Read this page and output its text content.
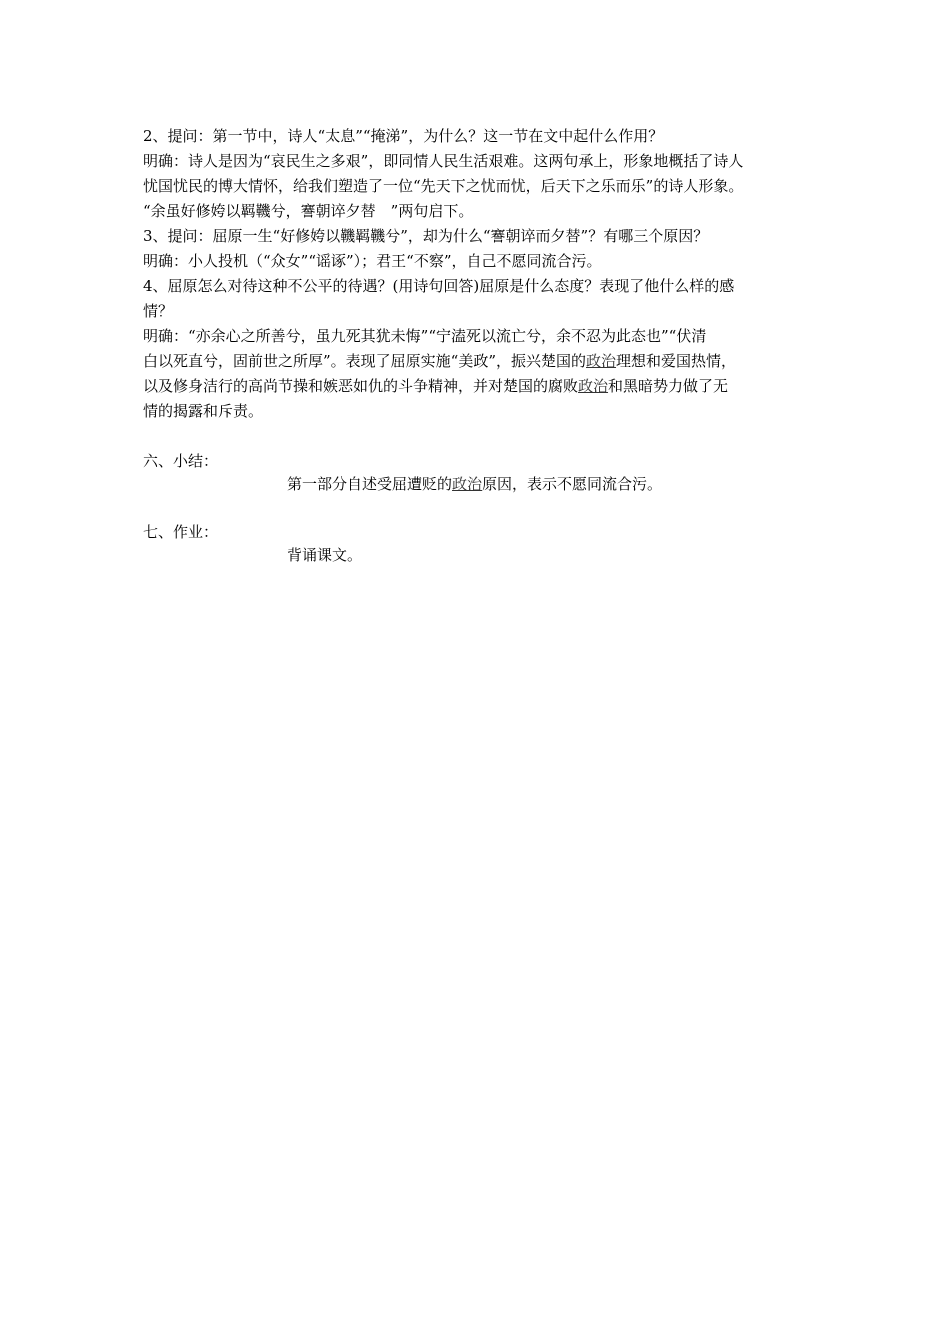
2、提问：第一节中，诗人“太息”“掩涕”，为什么？这一节在文中起什么作用？
明确：诗人是因为“哀民生之多艰”，即同情人民生活艰难。这两句承上，形象地概括了诗人
忧国忧民的博大情怀，给我们塑造了一位“先天下之忧而忧，后天下之乐而乐”的诗人形象。
“余虽好修姱以羁鞿兮，謇朝谇夕替　”两句启下。
3、提问：屈原一生“好修姱以鞿羁鞿兮”，却为什么“謇朝谇而夕替”？有哪三个原因？
明确：小人投机（“众女”“谣诼”）；君王“不察”，自己不愿同流合污。
4、屈原怎么对待这种不公平的待遇？(用诗句回答)屈原是什么态度？表现了他什么样的感
情？
明确：“亦余心之所善兮，虽九死其犹未悔”“宁溘死以流亡兮，余不忍为此态也”“伏清
白以死直兮，固前世之所厚”。表现了屈原实施“美政”，振兴楚国的政治理想和爱国热情，
以及修身洁行的高尚节操和嫉恶如仇的斗争精神，并对楚国的腐败政治和黑暗势力做了无
情的揭露和斥责。
六、小结：
第一部分自述受屈遭贬的政治原因，表示不愿同流合污。
七、作业：
背诵课文。
